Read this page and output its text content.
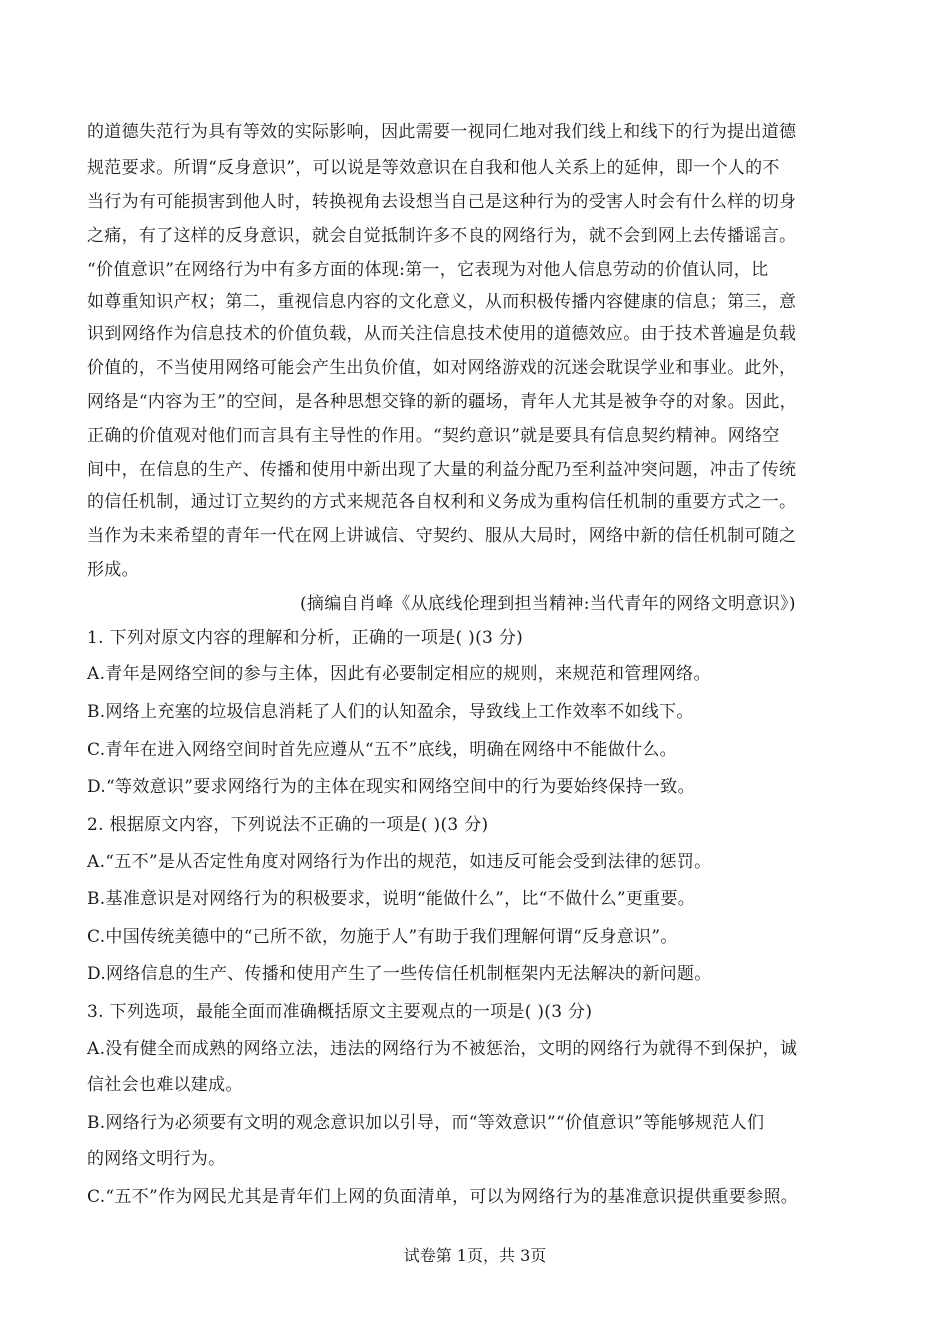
的道德失范行为具有等效的实际影响，因此需要一视同仁地对我们线上和线下的行为提出道德
规范要求。所谓“反身意识”，可以说是等效意识在自我和他人关系上的延伸，即一个人的不
当行为有可能损害到他人时，转换视角去设想当自己是这种行为的受害人时会有什么样的切身
之痛，有了这样的反身意识，就会自觉抵制许多不良的网络行为，就不会到网上去传播谣言。
“价值意识”在网络行为中有多方面的体现:第一，它表现为对他人信息劳动的价值认同，比
如尊重知识产权；第二，重视信息内容的文化意义，从而积极传播内容健康的信息；第三，意
识到网络作为信息技术的价值负载，从而关注信息技术使用的道德效应。由于技术普遍是负载
价值的，不当使用网络可能会产生出负价值，如对网络游戏的沉迷会耽误学业和事业。此外，
网络是“内容为王”的空间，是各种思想交锋的新的疆场，青年人尤其是被争夺的对象。因此，
正确的价值观对他们而言具有主导性的作用。“契约意识”就是要具有信息契约精神。网络空
间中，在信息的生产、传播和使用中新出现了大量的利益分配乃至利益冲突问题，冲击了传统
的信任机制，通过订立契约的方式来规范各自权利和义务成为重构信任机制的重要方式之一。
当作为未来希望的青年一代在网上讲诚信、守契约、服从大局时，网络中新的信任机制可随之
形成。
(摘编自肖峰《从底线伦理到担当精神:当代青年的网络文明意识》)
1. 下列对原文内容的理解和分析，正确的一项是( )(3 分)
A.青年是网络空间的参与主体，因此有必要制定相应的规则，来规范和管理网络。
B.网络上充塞的垃圾信息消耗了人们的认知盈余，导致线上工作效率不如线下。
C.青年在进入网络空间时首先应遵从“五不”底线，明确在网络中不能做什么。
D.“等效意识”要求网络行为的主体在现实和网络空间中的行为要始终保持一致。
2. 根据原文内容，下列说法不正确的一项是( )(3 分)
A.“五不”是从否定性角度对网络行为作出的规范，如违反可能会受到法律的惩罚。
B.基准意识是对网络行为的积极要求，说明“能做什么”，比“不做什么”更重要。
C.中国传统美德中的“己所不欲，勿施于人”有助于我们理解何谓“反身意识”。
D.网络信息的生产、传播和使用产生了一些传信任机制框架内无法解决的新问题。
3. 下列选项，最能全面而准确概括原文主要观点的一项是( )(3 分)
A.没有健全而成熟的网络立法，违法的网络行为不被惩治，文明的网络行为就得不到保护，诚
信社会也难以建成。
B.网络行为必须要有文明的观念意识加以引导，而“等效意识”“价值意识”等能够规范人们
的网络文明行为。
C.“五不”作为网民尤其是青年们上网的负面清单，可以为网络行为的基准意识提供重要参照。
试卷第 1页，共 3页
